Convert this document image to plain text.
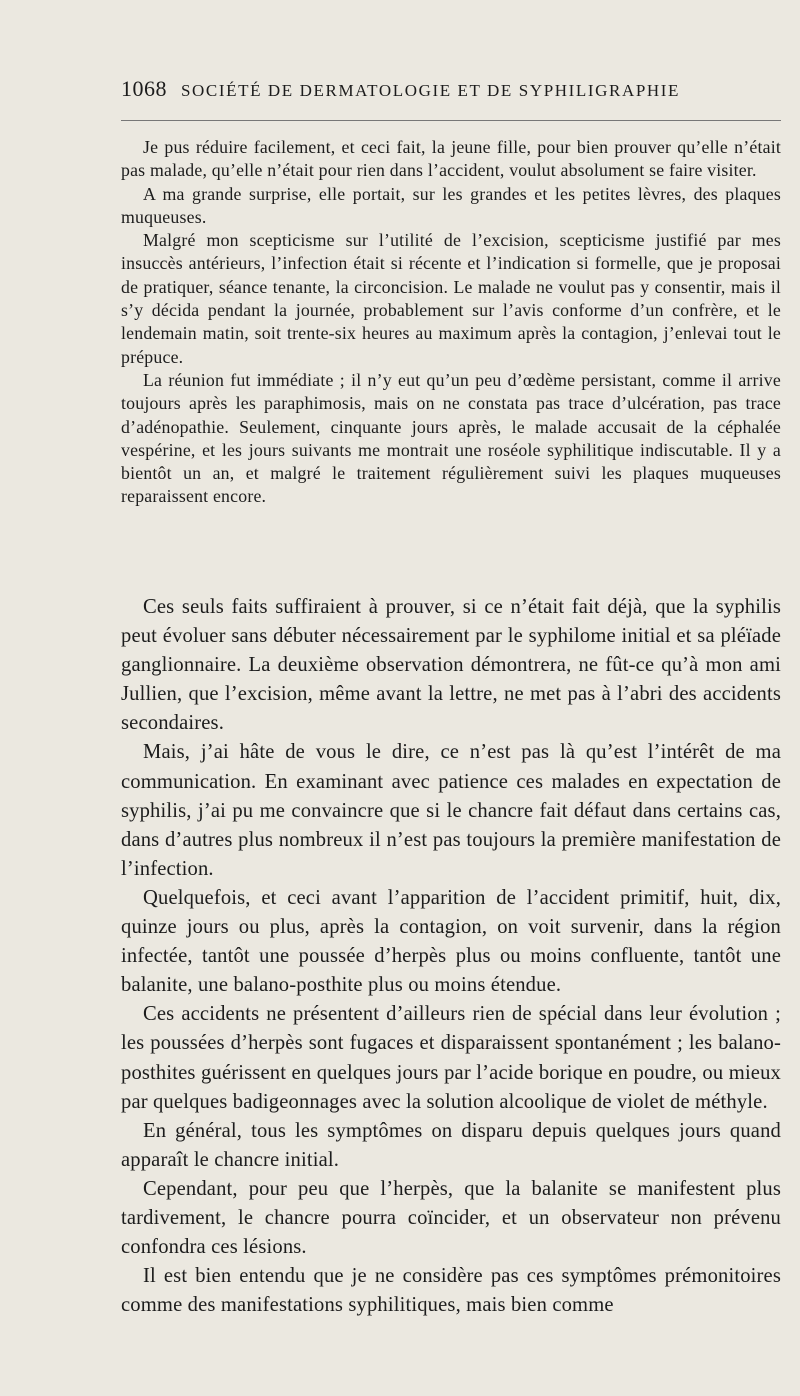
1068 SOCIÉTÉ DE DERMATOLOGIE ET DE SYPHILIGRAPHIE

Je pus réduire facilement, et ceci fait, la jeune fille, pour bien prouver qu’elle n’était pas malade, qu’elle n’était pour rien dans l’accident, voulut absolument se faire visiter.

A ma grande surprise, elle portait, sur les grandes et les petites lèvres, des plaques muqueuses.

Malgré mon scepticisme sur l’utilité de l’excision, scepticisme justifié par mes insuccès antérieurs, l’infection était si récente et l’indication si formelle, que je proposai de pratiquer, séance tenante, la circoncision. Le malade ne voulut pas y consentir, mais il s’y décida pendant la journée, probablement sur l’avis conforme d’un confrère, et le lendemain matin, soit trente-six heures au maximum après la contagion, j’enlevai tout le prépuce.

La réunion fut immédiate ; il n’y eut qu’un peu d’œdème persistant, comme il arrive toujours après les paraphimosis, mais on ne constata pas trace d’ulcération, pas trace d’adénopathie. Seulement, cinquante jours après, le malade accusait de la céphalée vespérine, et les jours suivants me montrait une roséole syphilitique indiscutable. Il y a bientôt un an, et malgré le traitement régulièrement suivi les plaques muqueuses reparaissent encore.

Ces seuls faits suffiraient à prouver, si ce n’était fait déjà, que la syphilis peut évoluer sans débuter nécessairement par le syphilome initial et sa pléïade ganglionnaire. La deuxième observation démontrera, ne fût-ce qu’à mon ami Jullien, que l’excision, même avant la lettre, ne met pas à l’abri des accidents secondaires.

Mais, j’ai hâte de vous le dire, ce n’est pas là qu’est l’intérêt de ma communication. En examinant avec patience ces malades en expectation de syphilis, j’ai pu me convaincre que si le chancre fait défaut dans certains cas, dans d’autres plus nombreux il n’est pas toujours la première manifestation de l’infection.

Quelquefois, et ceci avant l’apparition de l’accident primitif, huit, dix, quinze jours ou plus, après la contagion, on voit survenir, dans la région infectée, tantôt une poussée d’herpès plus ou moins confluente, tantôt une balanite, une balano-posthite plus ou moins étendue.

Ces accidents ne présentent d’ailleurs rien de spécial dans leur évolution ; les poussées d’herpès sont fugaces et disparaissent spontanément ; les balano-posthites guérissent en quelques jours par l’acide borique en poudre, ou mieux par quelques badigeonnages avec la solution alcoolique de violet de méthyle.

En général, tous les symptômes on disparu depuis quelques jours quand apparaît le chancre initial.

Cependant, pour peu que l’herpès, que la balanite se manifestent plus tardivement, le chancre pourra coïncider, et un observateur non prévenu confondra ces lésions.

Il est bien entendu que je ne considère pas ces symptômes prémonitoires comme des manifestations syphilitiques, mais bien comme
